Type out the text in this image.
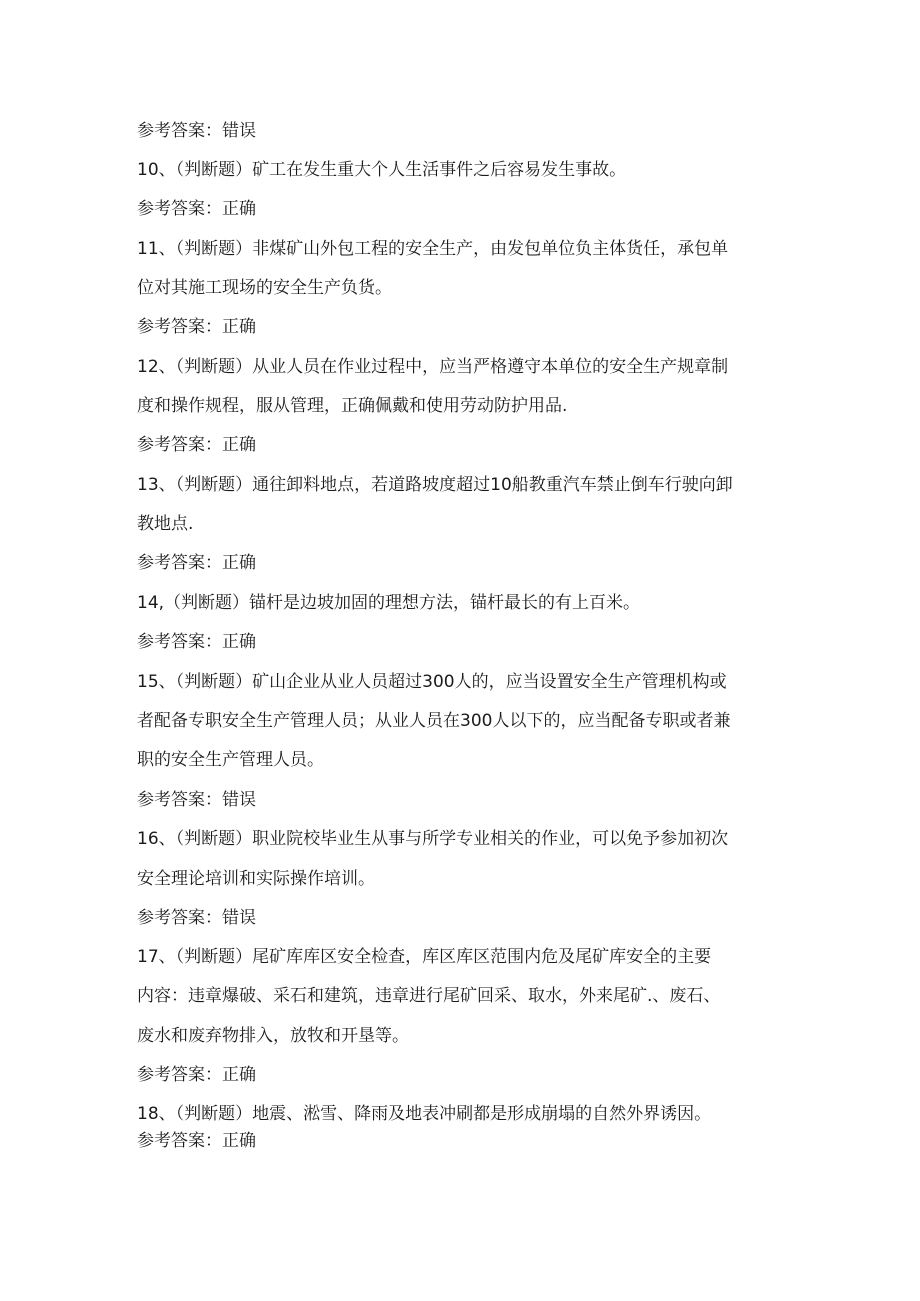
参考答案：错误
10、（判断题）矿工在发生重大个人生活事件之后容易发生事故。
参考答案：正确
11、（判断题）非煤矿山外包工程的安全生产，由发包单位负主体货任，承包单
位对其施工现场的安全生产负货。
参考答案：正确
12、（判断题）从业人员在作业过程中，应当严格遵守本单位的安全生产规章制
度和操作规程，服从管理，正确佩戴和使用劳动防护用品.
参考答案：正确
13、（判断题）通往卸料地点，若道路坡度超过10船教重汽车禁止倒车行驶向卸
教地点.
参考答案：正确
14,（判断题）锚杆是边坡加固的理想方法，锚杆最长的有上百米。
参考答案：正确
15、（判断题）矿山企业从业人员超过300人的，应当设置安全生产管理机构或
者配备专职安全生产管理人员；从业人员在300人以下的，应当配备专职或者兼
职的安全生产管理人员。
参考答案：错误
16、（判断题）职业院校毕业生从事与所学专业相关的作业，可以免予参加初次
安全理论培训和实际操作培训。
参考答案：错误
17、（判断题）尾矿库库区安全检查，库区库区范围内危及尾矿库安全的主要
内容：违章爆破、采石和建筑，违章进行尾矿回采、取水，外来尾矿.、废石、
废水和废弃物排入，放牧和开垦等。
参考答案：正确
18、（判断题）地震、淞雪、降雨及地表冲刷都是形成崩塌的自然外界诱因。
参考答案：正确
